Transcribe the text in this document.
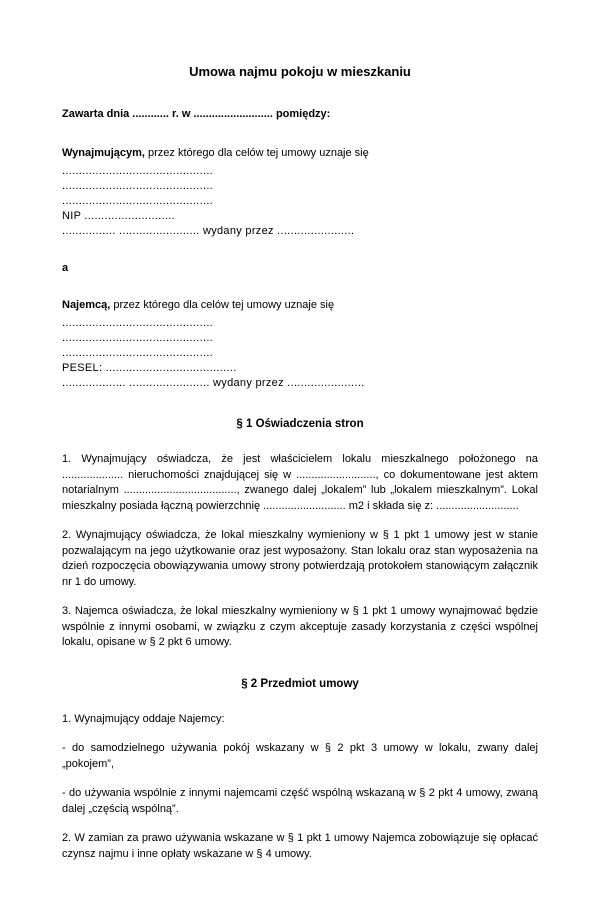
Umowa najmu pokoju w mieszkaniu

Zawarta dnia ............ r. w .......................... pomiędzy:

Wynajmującym, przez którego dla celów tej umowy uznaje się

.............................................

.............................................

.............................................

NIP ...........................

................ ........................ wydany przez .......................

a

Najemcą, przez którego dla celów tej umowy uznaje się

.............................................

.............................................

.............................................

PESEL: .......................................

................... ........................ wydany przez .......................

§ 1 Oświadczenia stron

1. Wynajmujący oświadcza, że jest właścicielem lokalu mieszkalnego położonego na .................... nieruchomości znajdującej się w .........................., co dokumentowane jest aktem notarialnym ....................................., zwanego dalej „lokalem” lub „lokalem mieszkalnym”. Lokal mieszkalny posiada łączną powierzchnię ........................... m2 i składa się z: ...........................

2. Wynajmujący oświadcza, że lokal mieszkalny wymieniony w § 1 pkt 1 umowy jest w stanie pozwalającym na jego użytkowanie oraz jest wyposażony. Stan lokalu oraz stan wyposażenia na dzień rozpoczęcia obowiązywania umowy strony potwierdzają protokołem stanowiącym załącznik nr 1 do umowy.

3. Najemca oświadcza, że lokal mieszkalny wymieniony w § 1 pkt 1 umowy wynajmować będzie wspólnie z innymi osobami, w związku z czym akceptuje zasady korzystania z części wspólnej lokalu, opisane w § 2 pkt 6 umowy.

§ 2 Przedmiot umowy

1. Wynajmujący oddaje Najemcy:

- do samodzielnego używania pokój wskazany w § 2 pkt 3 umowy w lokalu, zwany dalej „pokojem”,

- do używania wspólnie z innymi najemcami część wspólną wskazaną w § 2 pkt 4 umowy, zwaną dalej „częścią wspólną”.

2. W zamian za prawo używania wskazane w § 1 pkt 1 umowy Najemca zobowiązuje się opłacać czynsz najmu i inne opłaty wskazane w § 4 umowy.
